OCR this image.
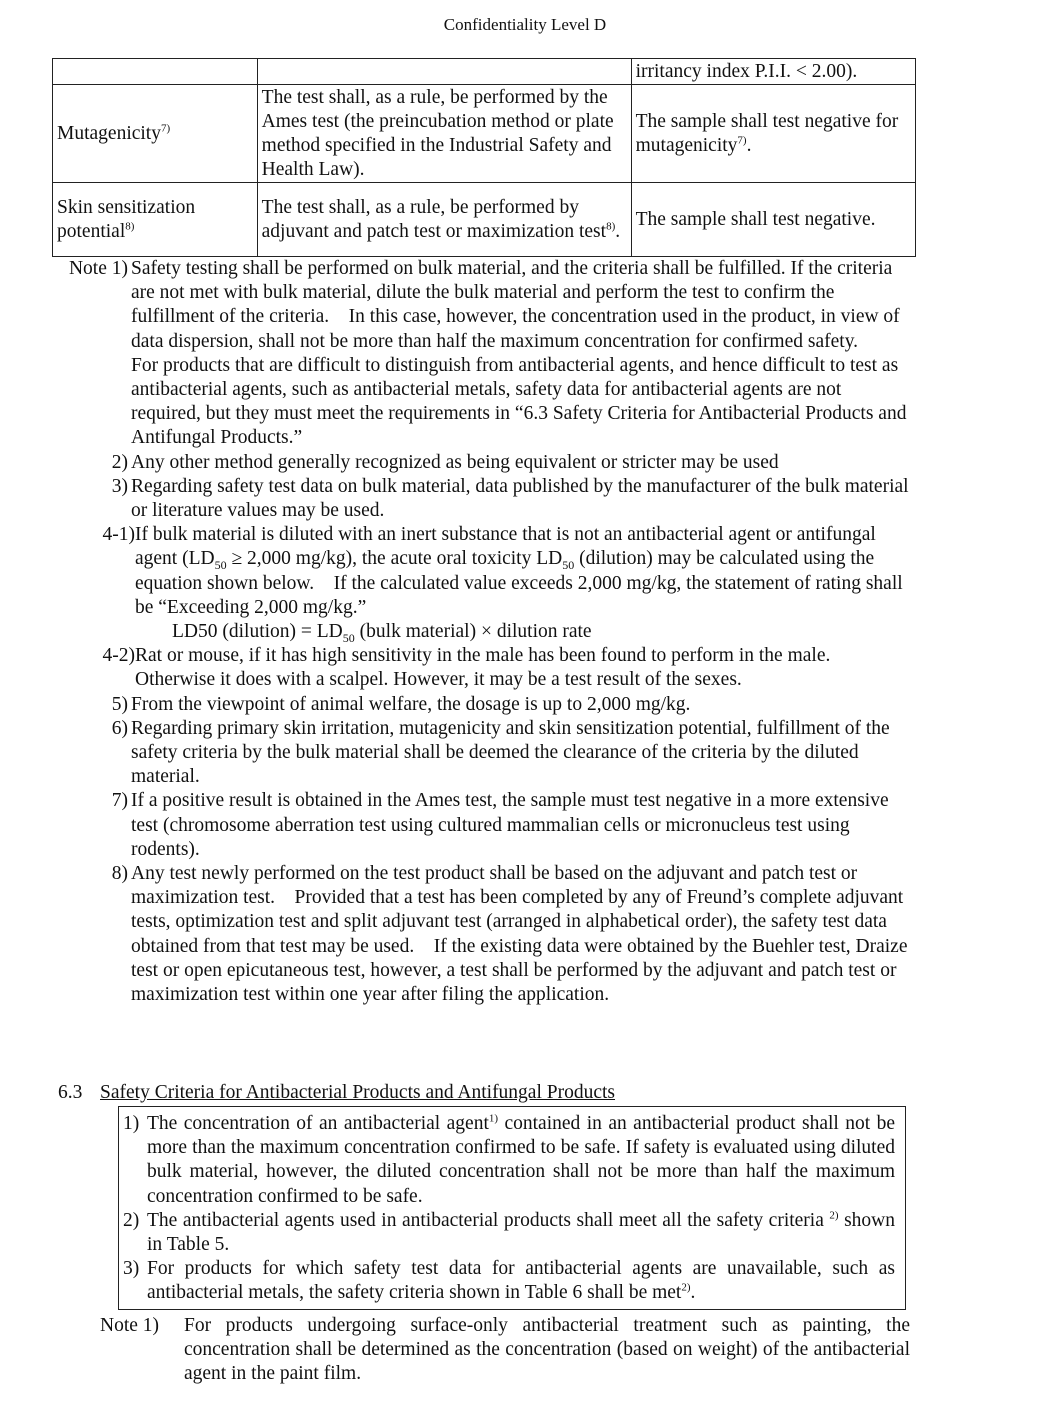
Confidentiality Level D
		irritancy index P.I.I. < 2.00).
Mutagenicity$^{7)}$	The test shall, as a rule, be performed by the Ames test (the preincubation method or plate method specified in the Industrial Safety and Health Law).	The sample shall test negative for mutagenicity$^{7)}$.
Skin sensitization potential$^{8)}$	The test shall, as a rule, be performed by adjuvant and patch test or maximization test$^{8)}$.	The sample shall test negative.
Note 1) Safety testing shall be performed on bulk material, and the criteria shall be fulfilled. If the criteria are not met with bulk material, dilute the bulk material and perform the test to confirm the fulfillment of the criteria.    In this case, however, the concentration used in the product, in view of data dispersion, shall not be more than half the maximum concentration for confirmed safety.
For products that are difficult to distinguish from antibacterial agents, and hence difficult to test as antibacterial agents, such as antibacterial metals, safety data for antibacterial agents are not required, but they must meet the requirements in “6.3 Safety Criteria for Antibacterial Products and Antifungal Products.”
2) Any other method generally recognized as being equivalent or stricter may be used
3) Regarding safety test data on bulk material, data published by the manufacturer of the bulk material or literature values may be used.
4-1) If bulk material is diluted with an inert substance that is not an antibacterial agent or antifungal agent ($LD_{50} \ge 2,000$ mg/kg), the acute oral toxicity $LD_{50}$ (dilution) may be calculated using the equation shown below.    If the calculated value exceeds 2,000 mg/kg, the statement of rating shall be “Exceeding 2,000 mg/kg.”
LD50 (dilution) = $LD_{50}$ (bulk material) × dilution rate
4-2) Rat or mouse, if it has high sensitivity in the male has been found to perform in the male. Otherwise it does with a scalpel. However, it may be a test result of the sexes.
5) From the viewpoint of animal welfare, the dosage is up to 2,000 mg/kg.
6) Regarding primary skin irritation, mutagenicity and skin sensitization potential, fulfillment of the safety criteria by the bulk material shall be deemed the clearance of the criteria by the diluted material.
7) If a positive result is obtained in the Ames test, the sample must test negative in a more extensive test (chromosome aberration test using cultured mammalian cells or micronucleus test using rodents).
8) Any test newly performed on the test product shall be based on the adjuvant and patch test or maximization test.    Provided that a test has been completed by any of Freund’s complete adjuvant tests, optimization test and split adjuvant test (arranged in alphabetical order), the safety test data obtained from that test may be used.    If the existing data were obtained by the Buehler test, Draize test or open epicutaneous test, however, a test shall be performed by the adjuvant and patch test or maximization test within one year after filing the application.
6.3 Safety Criteria for Antibacterial Products and Antifungal Products
1) The concentration of an antibacterial agent$^{1)}$ contained in an antibacterial product shall not be more than the maximum concentration confirmed to be safe. If safety is evaluated using diluted bulk material, however, the diluted concentration shall not be more than half the maximum concentration confirmed to be safe.
2) The antibacterial agents used in antibacterial products shall meet all the safety criteria $^{2)}$ shown in Table 5.
3) For products for which safety test data for antibacterial agents are unavailable, such as antibacterial metals, the safety criteria shown in Table 6 shall be met$^{2)}$.
Note 1)	For products undergoing surface-only antibacterial treatment such as painting, the concentration shall be determined as the concentration (based on weight) of the antibacterial agent in the paint film.
